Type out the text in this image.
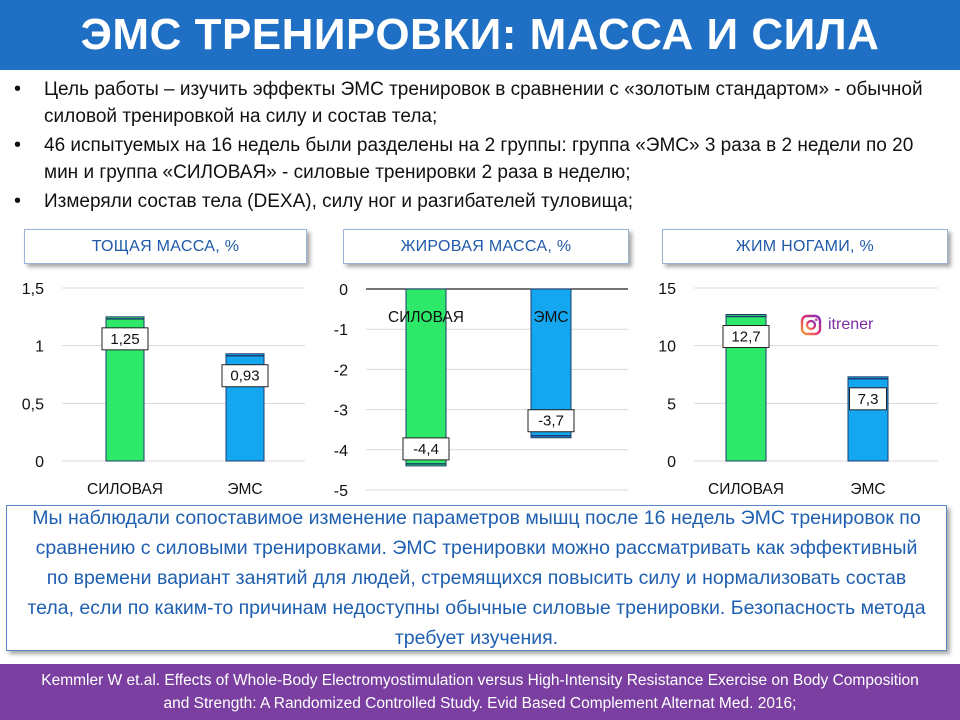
ЭМС ТРЕНИРОВКИ: МАССА И СИЛА
• Цель работы – изучить эффекты ЭМС тренировок в сравнении с «золотым стандартом» - обычной силовой тренировкой на силу и состав тела;
• 46 испытуемых на 16 недель были разделены на 2 группы: группа «ЭМС» 3 раза в 2 недели по 20 мин и группа «СИЛОВАЯ» - силовые тренировки 2 раза в неделю;
• Измеряли состав тела (DEXA), силу ног и разгибателей туловища;
ТОЩАЯ МАССА, %	ЖИРОВАЯ МАССА, %	ЖИМ НОГАМИ, %
0
0,5
1
1,5
1,25
СИЛОВАЯ
0,93
ЭМС
0
-1
-2
-3
-4
-5
-4,4
СИЛОВАЯ
-3,7
ЭМС
0
5
10
15
12,7
СИЛОВАЯ
7,3
ЭМС
itrener
Мы наблюдали сопоставимое изменение параметров мышц после 16 недель ЭМС тренировок по сравнению с силовыми тренировками. ЭМС тренировки можно рассматривать как эффективный по времени вариант занятий для людей, стремящихся повысить силу и нормализовать состав тела, если по каким-то причинам недоступны обычные силовые тренировки. Безопасность метода требует изучения.
Kemmler W et.al. Effects of Whole-Body Electromyostimulation versus High-Intensity Resistance Exercise on Body Composition and Strength: A Randomized Controlled Study. Evid Based Complement Alternat Med. 2016;
